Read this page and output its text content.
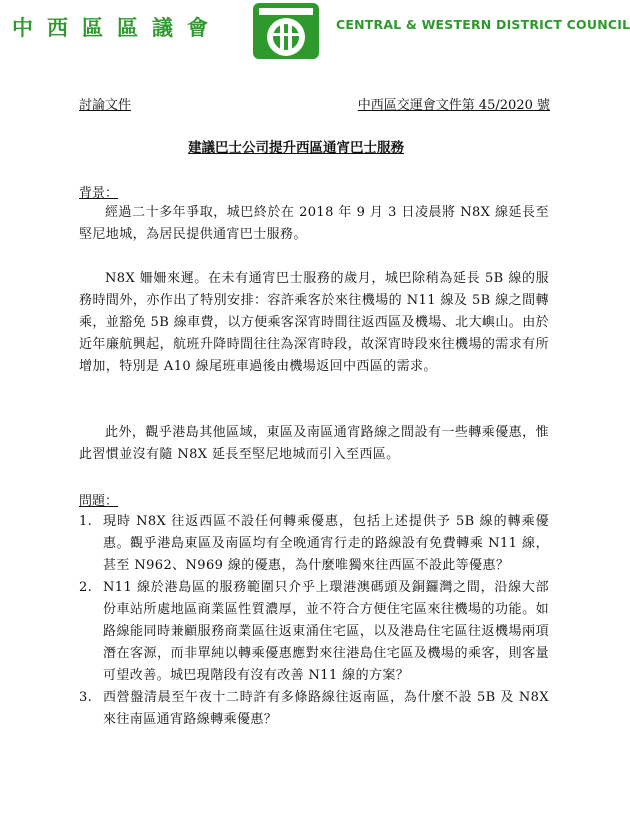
中西區區議會	CENTRAL & WESTERN DISTRICT COUNCIL
討論文件	中西區交運會文件第 45/2020 號
建議巴士公司提升西區通宵巴士服務
背景：
經過二十多年爭取，城巴終於在 2018 年 9 月 3 日凌晨將 N8X 線延長至堅尼地城，為居民提供通宵巴士服務。
N8X 姍姍來遲。在未有通宵巴士服務的歲月，城巴除稍為延長 5B 線的服務時間外，亦作出了特別安排：容許乘客於來往機場的 N11 線及 5B 線之間轉乘，並豁免 5B 線車費，以方便乘客深宵時間往返西區及機場、北大嶼山。由於近年廉航興起，航班升降時間往往為深宵時段，故深宵時段來往機場的需求有所增加，特別是 A10 線尾班車過後由機場返回中西區的需求。
此外，觀乎港島其他區域，東區及南區通宵路線之間設有一些轉乘優惠，惟此習慣並沒有隨 N8X 延長至堅尼地城而引入至西區。
問題：
1. 現時 N8X 往返西區不設任何轉乘優惠，包括上述提供予 5B 線的轉乘優惠。觀乎港島東區及南區均有全晚通宵行走的路線設有免費轉乘 N11 線，甚至 N962、N969 線的優惠，為什麼唯獨來往西區不設此等優惠？
2. N11 線於港島區的服務範圍只介乎上環港澳碼頭及銅鑼灣之間，沿線大部份車站所處地區商業區性質濃厚，並不符合方便住宅區來往機場的功能。如路線能同時兼顧服務商業區往返東涌住宅區，以及港島住宅區往返機場兩項潛在客源，而非單純以轉乘優惠應對來往港島住宅區及機場的乘客，則客量可望改善。城巴現階段有沒有改善 N11 線的方案？
3. 西營盤清晨至午夜十二時許有多條路線往返南區，為什麼不設 5B 及 N8X 來往南區通宵路線轉乘優惠？
